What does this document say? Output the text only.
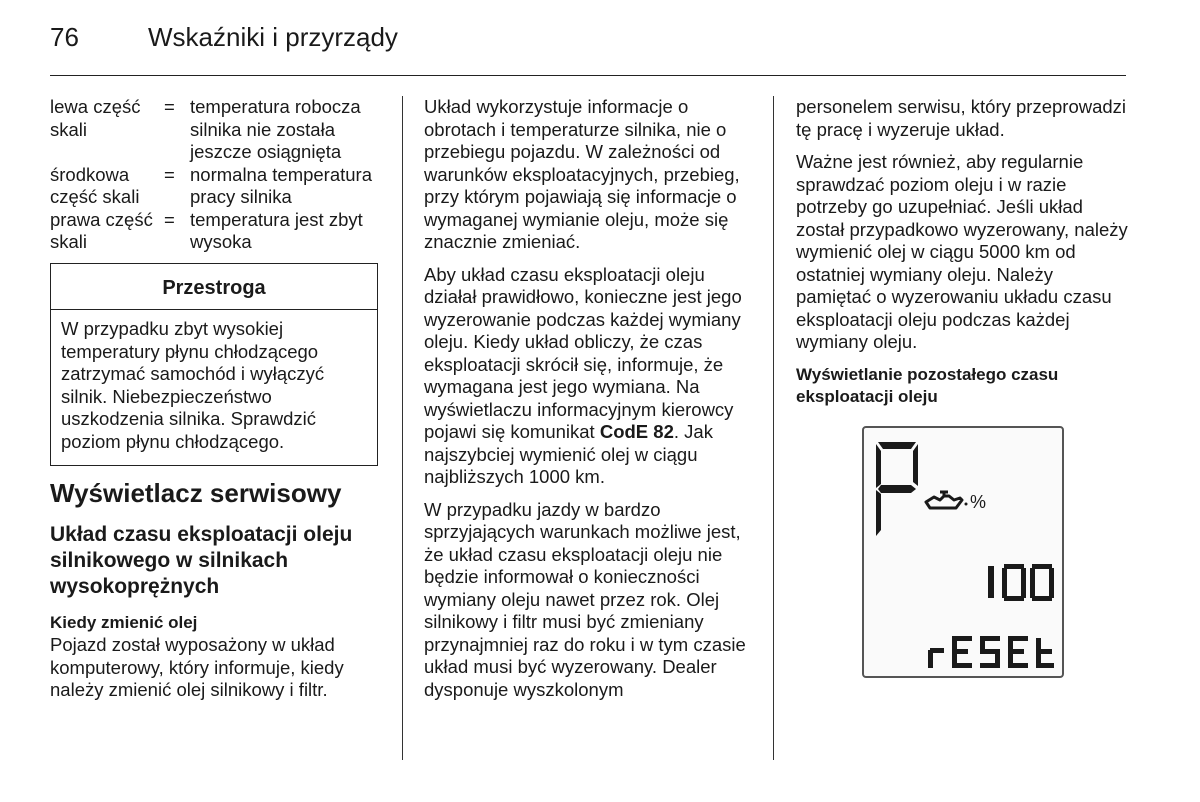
76	Wskaźniki i przyrządy
lewa część skali	=	temperatura robocza silnika nie została jeszcze osiągnięta
środkowa część skali	=	normalna temperatura pracy silnika
prawa część skali	=	temperatura jest zbyt wysoka
Przestroga
W przypadku zbyt wysokiej temperatury płynu chłodzącego zatrzymać samochód i wyłączyć silnik. Niebezpieczeństwo uszkodzenia silnika. Sprawdzić poziom płynu chłodzącego.
Wyświetlacz serwisowy
Układ czasu eksploatacji oleju silnikowego w silnikach wysokoprężnych
Kiedy zmienić olej

Pojazd został wyposażony w układ komputerowy, który informuje, kiedy należy zmienić olej silnikowy i filtr.

Układ wykorzystuje informacje o obrotach i temperaturze silnika, nie o przebiegu pojazdu. W zależności od warunków eksploatacyjnych, przebieg, przy którym pojawiają się informacje o wymaganej wymianie oleju, może się znacznie zmieniać.

Aby układ czasu eksploatacji oleju działał prawidłowo, konieczne jest jego wyzerowanie podczas każdej wymiany oleju. Kiedy układ obliczy, że czas eksploatacji skrócił się, informuje, że wymagana jest jego wymiana. Na wyświetlaczu informacyjnym kierowcy pojawi się komunikat CodE 82. Jak najszybciej wymienić olej w ciągu najbliższych 1000 km.

W przypadku jazdy w bardzo sprzyjających warunkach możliwe jest, że układ czasu eksploatacji oleju nie będzie informował o konieczności wymiany oleju nawet przez rok. Olej silnikowy i filtr musi być zmieniany przynajmniej raz do roku i w tym czasie układ musi być wyzerowany. Dealer dysponuje wyszkolonym

personelem serwisu, który przeprowadzi tę pracę i wyzeruje układ.

Ważne jest również, aby regularnie sprawdzać poziom oleju i w razie potrzeby go uzupełniać. Jeśli układ został przypadkowo wyzerowany, należy wymienić olej w ciągu 5000 km od ostatniej wymiany oleju. Należy pamiętać o wyzerowaniu układu czasu eksploatacji oleju podczas każdej wymiany oleju.

Wyświetlanie pozostałego czasu eksploatacji oleju
%
